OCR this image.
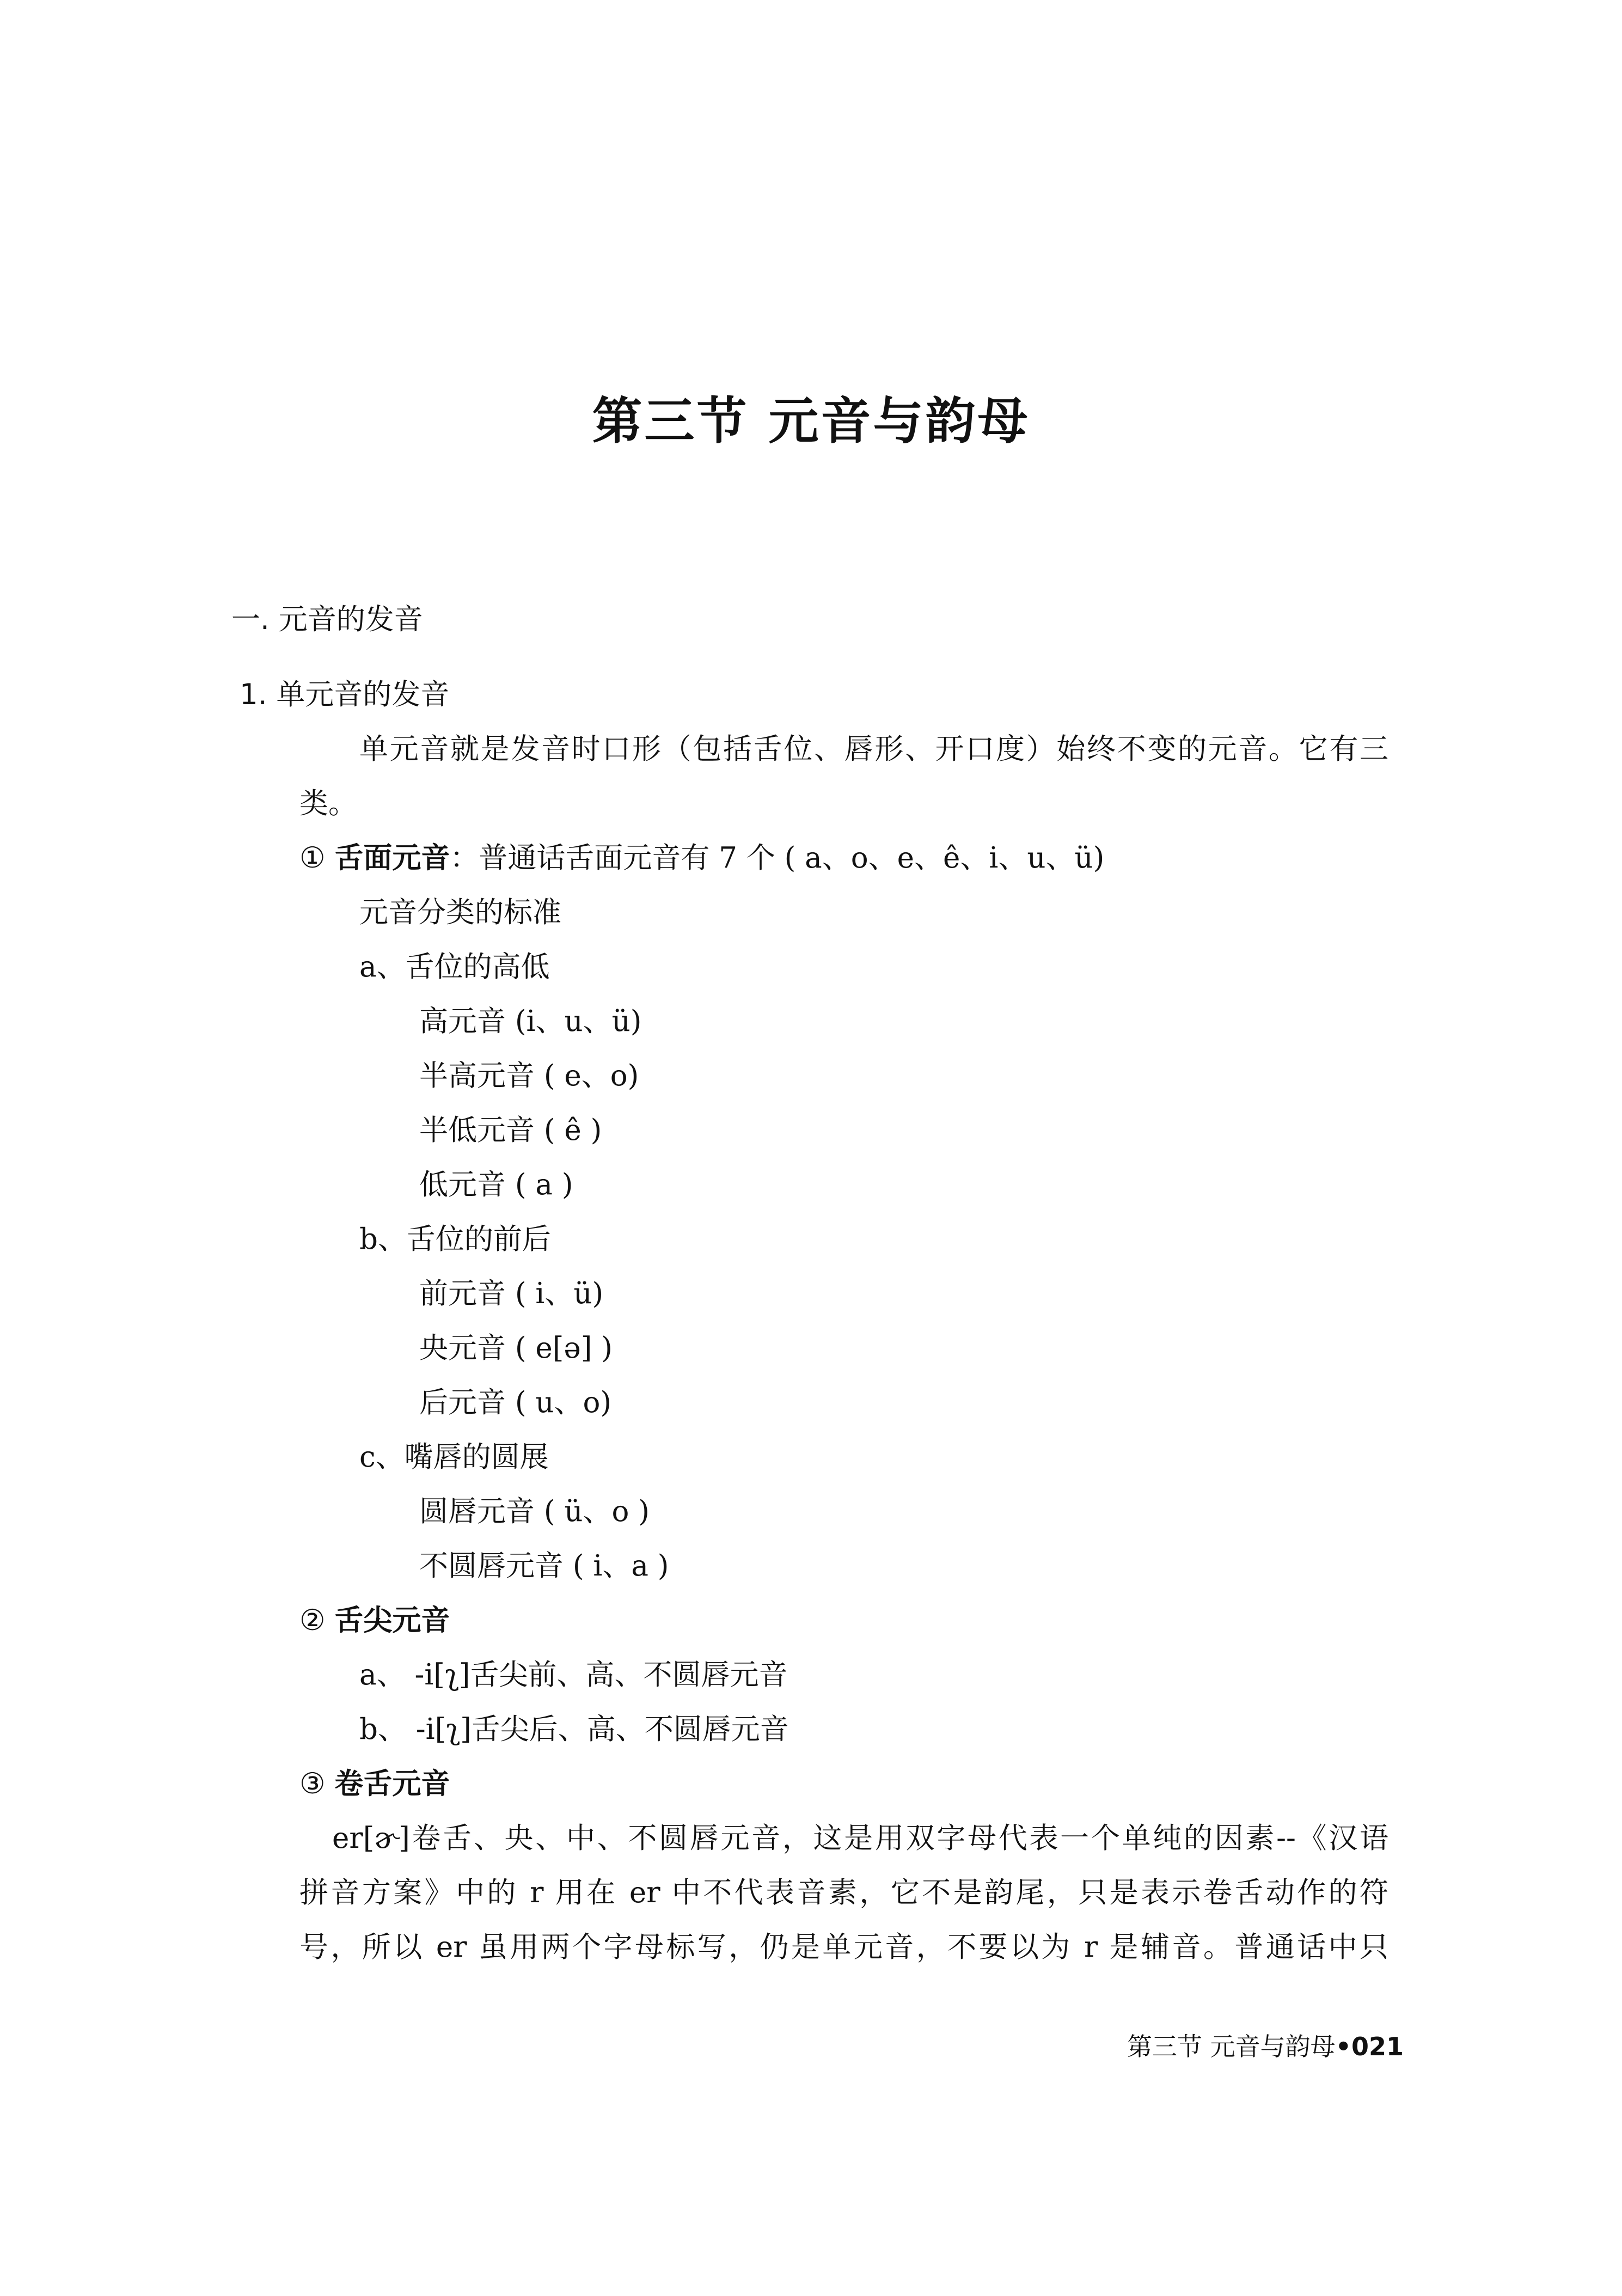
第三节 元音与韵母
一. 元音的发音
1. 单元音的发音
单元音就是发音时口形（包括舌位、唇形、开口度）始终不变的元音。它有三
类。
① 舌面元音：普通话舌面元音有 7 个 ( a、o、e、ê、i、u、ü)
元音分类的标准
a、舌位的高低
高元音 (i、u、ü)
半高元音 ( e、o)
半低元音 ( ê )
低元音 ( a )
b、舌位的前后
前元音 ( i、ü)
央元音 ( e[ə] )
后元音 ( u、o)
c、嘴唇的圆展
圆唇元音 ( ü、o )
不圆唇元音 ( i、a )
② 舌尖元音
a、 -i[ʅ]舌尖前、高、不圆唇元音
b、 -i[ʅ]舌尖后、高、不圆唇元音
③ 卷舌元音
er[ɚ]卷舌、央、中、不圆唇元音，这是用双字母代表一个单纯的因素--《汉语
拼音方案》中的 r 用在 er 中不代表音素，它不是韵尾，只是表示卷舌动作的符
号，所以 er 虽用两个字母标写，仍是单元音，不要以为 r 是辅音。普通话中只
第三节 元音与韵母•021
